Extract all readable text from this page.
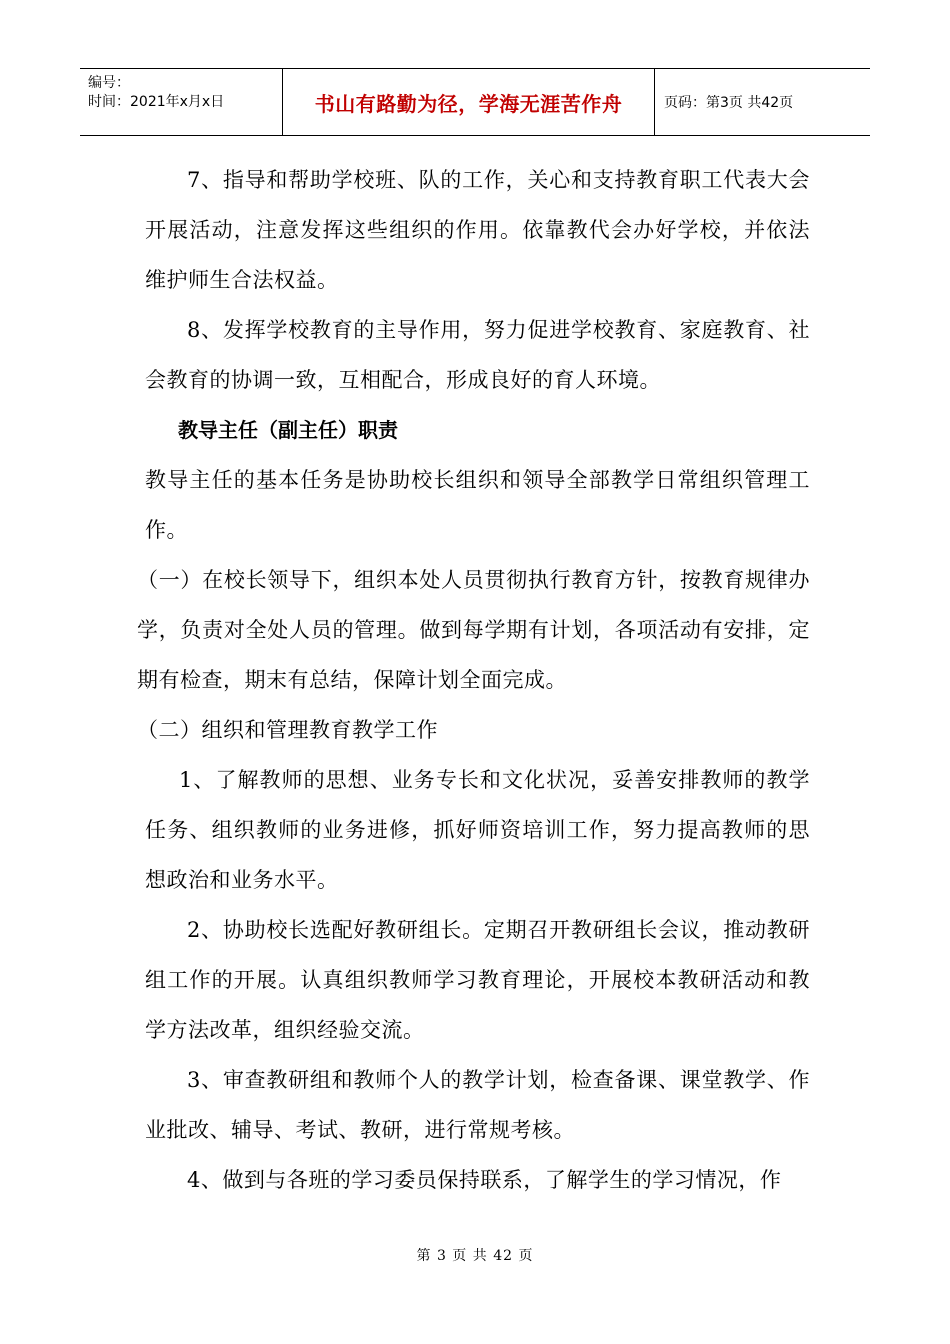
编号：
时间：2021年x月x日	书山有路勤为径，学海无涯苦作舟	页码：第3页 共42页

7、指导和帮助学校班、队的工作，关心和支持教育职工代表大会开展活动，注意发挥这些组织的作用。依靠教代会办好学校，并依法维护师生合法权益。

8、发挥学校教育的主导作用，努力促进学校教育、家庭教育、社会教育的协调一致，互相配合，形成良好的育人环境。

教导主任（副主任）职责

教导主任的基本任务是协助校长组织和领导全部教学日常组织管理工作。

（一）在校长领导下，组织本处人员贯彻执行教育方针，按教育规律办学，负责对全处人员的管理。做到每学期有计划，各项活动有安排，定期有检查，期末有总结，保障计划全面完成。

（二）组织和管理教育教学工作

1、了解教师的思想、业务专长和文化状况，妥善安排教师的教学任务、组织教师的业务进修，抓好师资培训工作，努力提高教师的思想政治和业务水平。

2、协助校长选配好教研组长。定期召开教研组长会议，推动教研组工作的开展。认真组织教师学习教育理论，开展校本教研活动和教学方法改革，组织经验交流。

3、审查教研组和教师个人的教学计划，检查备课、课堂教学、作业批改、辅导、考试、教研，进行常规考核。

4、做到与各班的学习委员保持联系，了解学生的学习情况，作

第 3 页 共 42 页
